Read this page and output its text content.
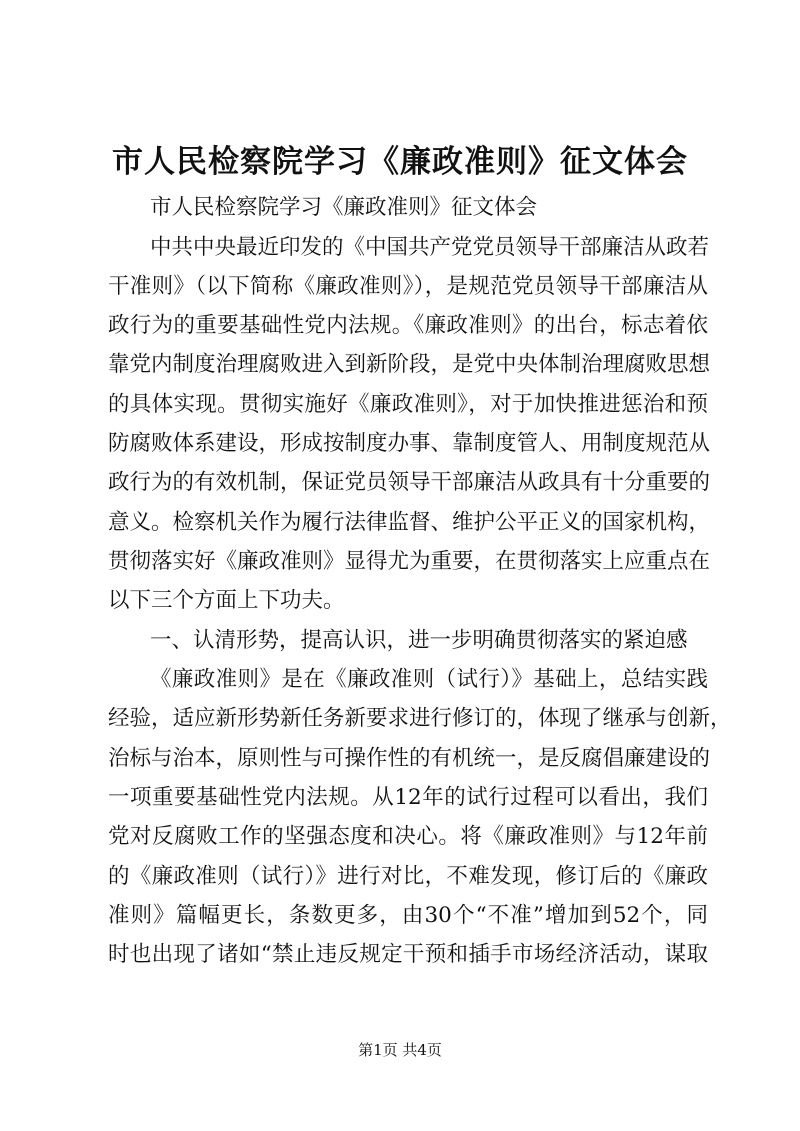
市人民检察院学习《廉政准则》征文体会
市人民检察院学习《廉政准则》征文体会
中共中央最近印发的《中国共产党党员领导干部廉洁从政若
干准则》（以下简称《廉政准则》），是规范党员领导干部廉洁从
政行为的重要基础性党内法规。《廉政准则》的出台，标志着依
靠党内制度治理腐败进入到新阶段，是党中央体制治理腐败思想
的具体实现。贯彻实施好《廉政准则》，对于加快推进惩治和预
防腐败体系建设，形成按制度办事、靠制度管人、用制度规范从
政行为的有效机制，保证党员领导干部廉洁从政具有十分重要的
意义。检察机关作为履行法律监督、维护公平正义的国家机构，
贯彻落实好《廉政准则》显得尤为重要，在贯彻落实上应重点在
以下三个方面上下功夫。
一、认清形势，提高认识，进一步明确贯彻落实的紧迫感
《廉政准则》是在《廉政准则（试行）》基础上，总结实践
经验，适应新形势新任务新要求进行修订的，体现了继承与创新，
治标与治本，原则性与可操作性的有机统一，是反腐倡廉建设的
一项重要基础性党内法规。从12年的试行过程可以看出，我们
党对反腐败工作的坚强态度和决心。将《廉政准则》与12年前
的《廉政准则（试行）》进行对比，不难发现，修订后的《廉政
准则》篇幅更长，条数更多，由30个“不准”增加到52个，同
时也出现了诸如“禁止违反规定干预和插手市场经济活动，谋取
第1页 共4页
